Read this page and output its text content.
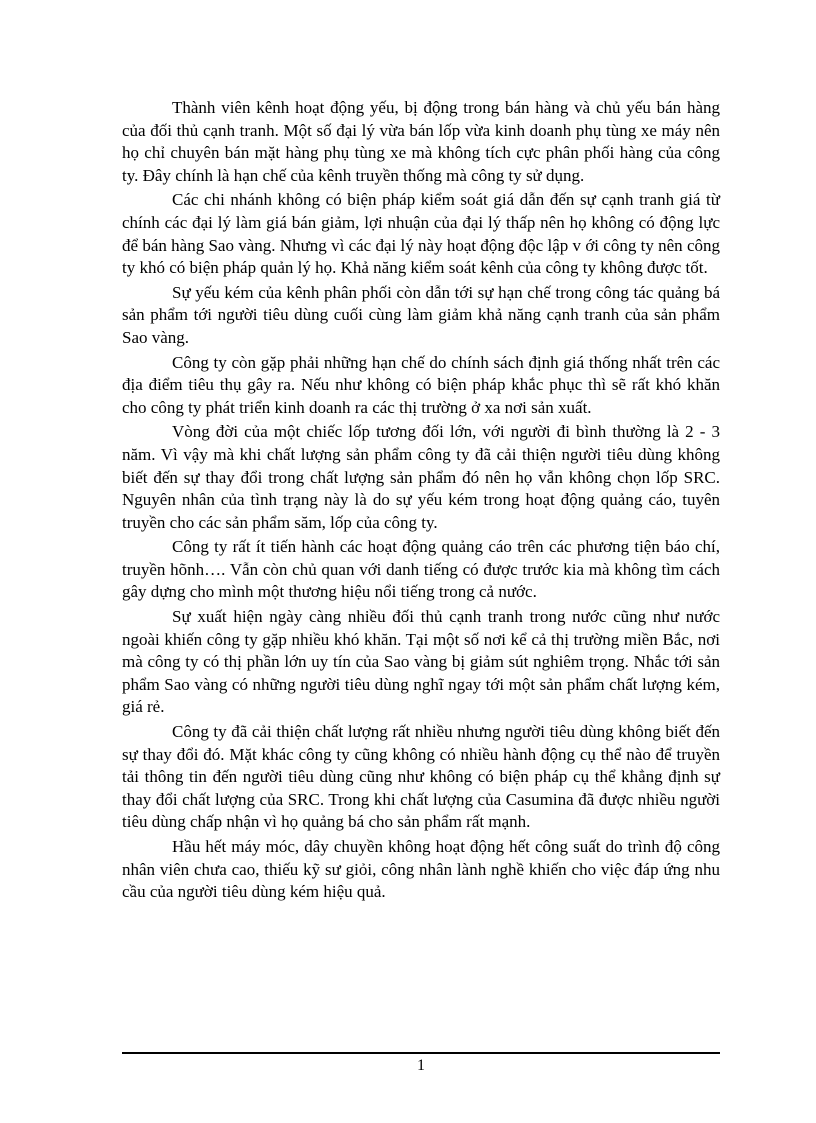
Thành viên kênh hoạt động yếu, bị động trong bán hàng và chủ yếu bán hàng của đối thủ cạnh tranh. Một số đại lý vừa bán lốp vừa kinh doanh phụ tùng xe máy nên họ chỉ chuyên bán mặt hàng phụ tùng xe mà không tích cực phân phối hàng của công ty. Đây chính là hạn chế của kênh truyền thống mà công ty sử dụng.

Các chi nhánh không có biện pháp kiểm soát giá dẫn đến sự cạnh tranh giá từ chính các đại lý làm giá bán giảm, lợi nhuận của đại lý thấp nên họ không có động lực để bán hàng Sao vàng. Nhưng vì các đại lý này hoạt động độc lập v ới công ty nên công ty khó có biện pháp quản lý họ. Khả năng kiểm soát kênh của công ty không được tốt.

Sự yếu kém của kênh phân phối còn dẫn tới sự hạn chế trong công tác quảng bá sản phẩm tới người tiêu dùng cuối cùng làm giảm khả năng cạnh tranh của sản phẩm Sao vàng.

Công ty còn gặp phải những hạn chế do chính sách định giá thống nhất trên các địa điểm tiêu thụ gây ra. Nếu như không có biện pháp khắc phục thì sẽ rất khó khăn cho công ty phát triển kinh doanh ra các thị trường ở xa nơi sản xuất.

Vòng đời của một chiếc lốp tương đối lớn, với người đi bình thường là 2 - 3 năm. Vì vậy mà khi chất lượng sản phẩm công ty đã cải thiện người tiêu dùng không biết đến sự thay đổi trong chất lượng sản phẩm đó nên họ vẫn không chọn lốp SRC. Nguyên nhân của tình trạng này là do sự yếu kém trong hoạt động quảng cáo, tuyên truyền cho các sản phẩm săm, lốp của công ty.

Công ty rất ít tiến hành các hoạt động quảng cáo trên các phương tiện báo chí, truyền hõnh…. Vẫn còn chủ quan với danh tiếng có được trước kia mà không tìm cách gây dựng cho mình một thương hiệu nổi tiếng trong cả nước.

Sự xuất hiện ngày càng nhiều đối thủ cạnh tranh trong nước cũng như nước ngoài khiến công ty gặp nhiều khó khăn. Tại một số nơi kể cả thị trường miền Bắc, nơi mà công ty có thị phần lớn uy tín của Sao vàng bị giảm sút nghiêm trọng. Nhắc tới sản phẩm Sao vàng có những người tiêu dùng nghĩ ngay tới một sản phẩm chất lượng kém, giá rẻ.

Công ty đã cải thiện chất lượng rất nhiều nhưng người tiêu dùng không biết đến sự thay đổi đó. Mặt khác công ty cũng không có nhiều hành động cụ thể nào để truyền tải thông tin đến người tiêu dùng cũng như không có biện pháp cụ thể khẳng định sự thay đổi chất lượng của SRC. Trong khi chất lượng của Casumina đã được nhiều người tiêu dùng chấp nhận vì họ quảng bá cho sản phẩm rất mạnh.

Hầu hết máy móc, dây chuyền không hoạt động hết công suất do trình độ công nhân viên chưa cao, thiếu kỹ sư giỏi, công nhân lành nghề khiến cho việc đáp ứng nhu cầu của người tiêu dùng kém hiệu quả.

1
